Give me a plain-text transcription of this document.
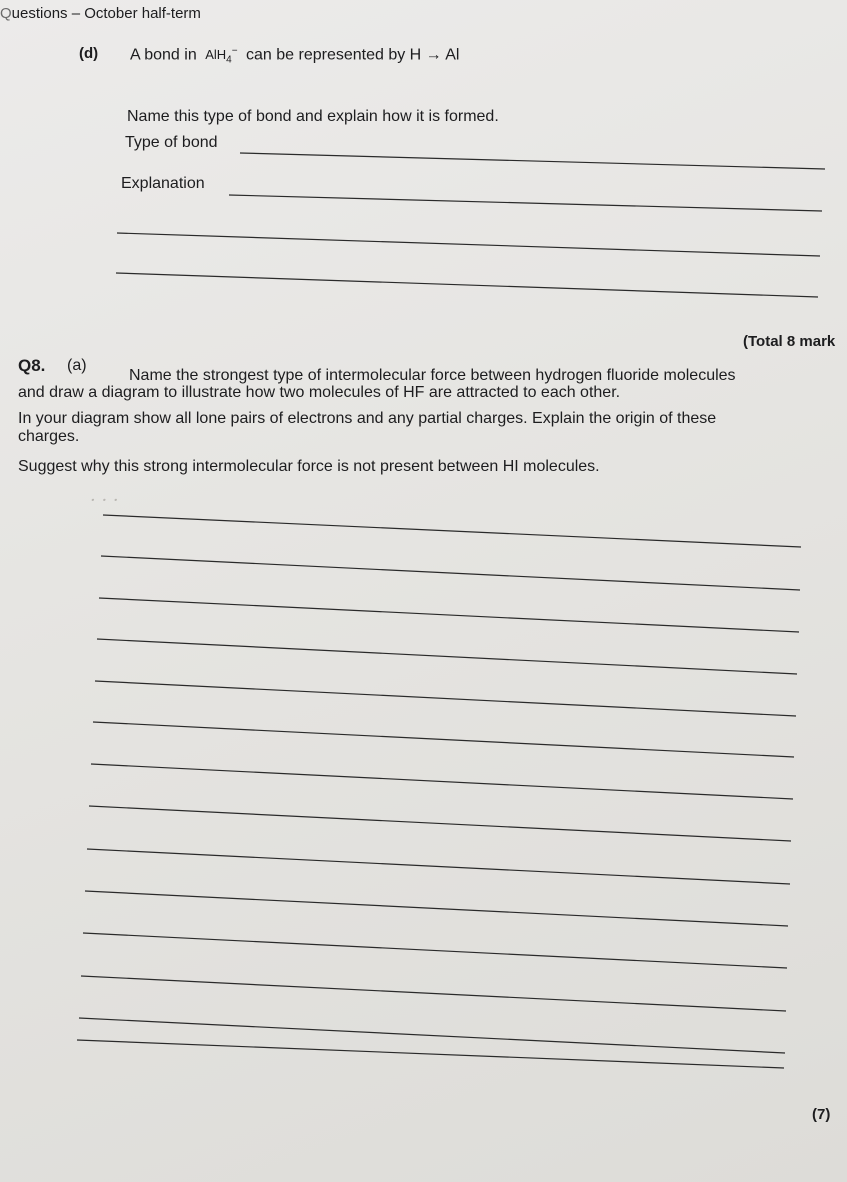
· · ·
Questions – October half-term
(d) A bond in AlH$_4$− can be represented by H → Al
Name this type of bond and explain how it is formed.
Type of bond
Explanation
(Total 8 mark
Q8. (a)
Name the strongest type of intermolecular force between hydrogen fluoride molecules
and draw a diagram to illustrate how two molecules of HF are attracted to each other.
In your diagram show all lone pairs of electrons and any partial charges. Explain the origin of these
charges.
Suggest why this strong intermolecular force is not present between HI molecules.
(7)
